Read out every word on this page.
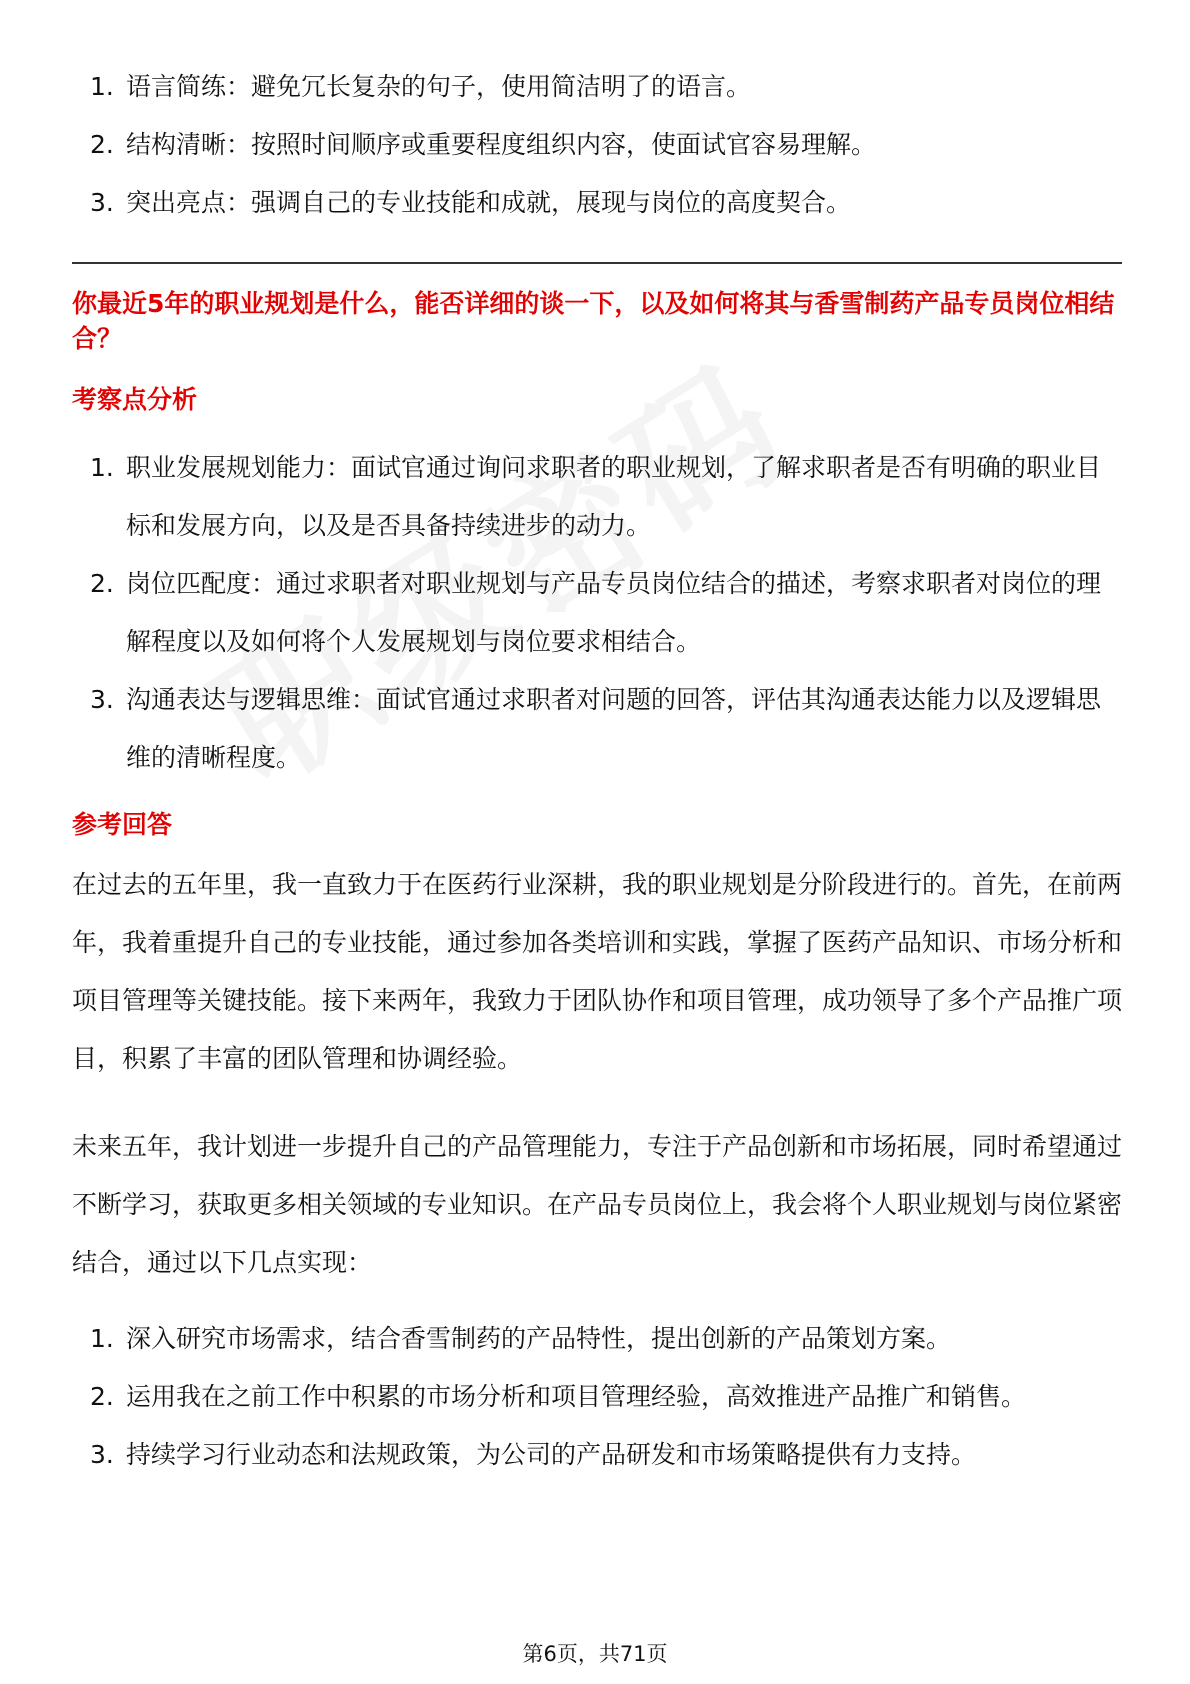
1. 语言简练：避免冗长复杂的句子，使用简洁明了的语言。
2. 结构清晰：按照时间顺序或重要程度组织内容，使面试官容易理解。
3. 突出亮点：强调自己的专业技能和成就，展现与岗位的高度契合。
你最近5年的职业规划是什么，能否详细的谈一下，以及如何将其与香雪制药产品专员岗位相结合？
考察点分析
1. 职业发展规划能力：面试官通过询问求职者的职业规划，了解求职者是否有明确的职业目标和发展方向，以及是否具备持续进步的动力。
2. 岗位匹配度：通过求职者对职业规划与产品专员岗位结合的描述，考察求职者对岗位的理解程度以及如何将个人发展规划与岗位要求相结合。
3. 沟通表达与逻辑思维：面试官通过求职者对问题的回答，评估其沟通表达能力以及逻辑思维的清晰程度。
参考回答
在过去的五年里，我一直致力于在医药行业深耕，我的职业规划是分阶段进行的。首先，在前两年，我着重提升自己的专业技能，通过参加各类培训和实践，掌握了医药产品知识、市场分析和项目管理等关键技能。接下来两年，我致力于团队协作和项目管理，成功领导了多个产品推广项目，积累了丰富的团队管理和协调经验。
未来五年，我计划进一步提升自己的产品管理能力，专注于产品创新和市场拓展，同时希望通过不断学习，获取更多相关领域的专业知识。在产品专员岗位上，我会将个人职业规划与岗位紧密结合，通过以下几点实现：
1. 深入研究市场需求，结合香雪制药的产品特性，提出创新的产品策划方案。
2. 运用我在之前工作中积累的市场分析和项目管理经验，高效推进产品推广和销售。
3. 持续学习行业动态和法规政策，为公司的产品研发和市场策略提供有力支持。
第6页，共71页
